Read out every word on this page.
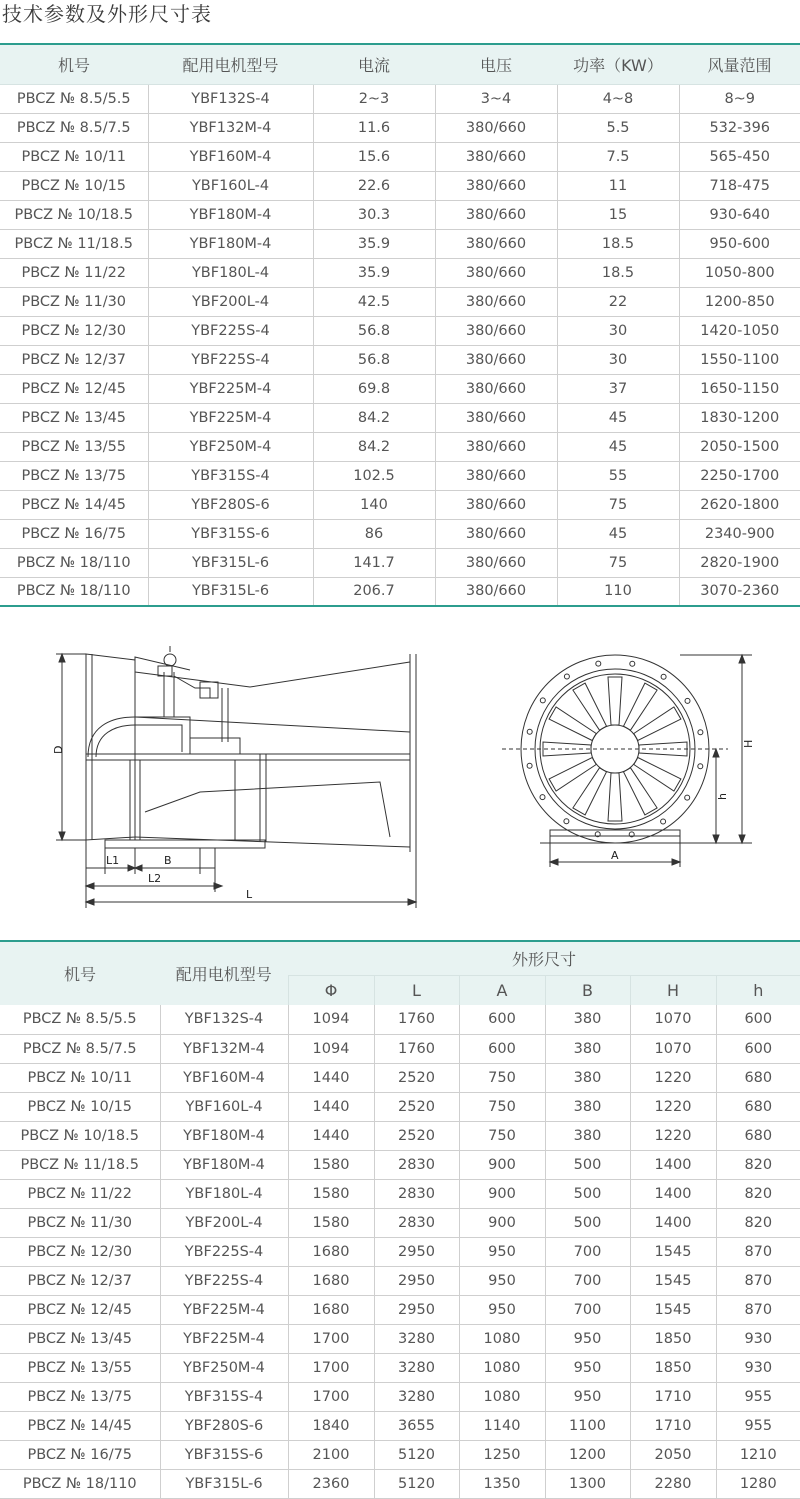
技术参数及外形尺寸表
机号	配用电机型号	电流	电压	功率（KW）	风量范围
PBCZ № 8.5/5.5	YBF132S-4	2~3	3~4	4~8	8~9
PBCZ № 8.5/7.5	YBF132M-4	11.6	380/660	5.5	532-396
PBCZ № 10/11	YBF160M-4	15.6	380/660	7.5	565-450
PBCZ № 10/15	YBF160L-4	22.6	380/660	11	718-475
PBCZ № 10/18.5	YBF180M-4	30.3	380/660	15	930-640
PBCZ № 11/18.5	YBF180M-4	35.9	380/660	18.5	950-600
PBCZ № 11/22	YBF180L-4	35.9	380/660	18.5	1050-800
PBCZ № 11/30	YBF200L-4	42.5	380/660	22	1200-850
PBCZ № 12/30	YBF225S-4	56.8	380/660	30	1420-1050
PBCZ № 12/37	YBF225S-4	56.8	380/660	30	1550-1100
PBCZ № 12/45	YBF225M-4	69.8	380/660	37	1650-1150
PBCZ № 13/45	YBF225M-4	84.2	380/660	45	1830-1200
PBCZ № 13/55	YBF250M-4	84.2	380/660	45	2050-1500
PBCZ № 13/75	YBF315S-4	102.5	380/660	55	2250-1700
PBCZ № 14/45	YBF280S-6	140	380/660	75	2620-1800
PBCZ № 16/75	YBF315S-6	86	380/660	45	2340-900
PBCZ № 18/110	YBF315L-6	141.7	380/660	75	2820-1900
PBCZ № 18/110	YBF315L-6	206.7	380/660	110	3070-2360
D
L1	B
L2
L
A
H
h
机号	配用电机型号	外形尺寸					
		Φ	L	A	B	H	h
PBCZ № 8.5/5.5	YBF132S-4	1094	1760	600	380	1070	600
PBCZ № 8.5/7.5	YBF132M-4	1094	1760	600	380	1070	600
PBCZ № 10/11	YBF160M-4	1440	2520	750	380	1220	680
PBCZ № 10/15	YBF160L-4	1440	2520	750	380	1220	680
PBCZ № 10/18.5	YBF180M-4	1440	2520	750	380	1220	680
PBCZ № 11/18.5	YBF180M-4	1580	2830	900	500	1400	820
PBCZ № 11/22	YBF180L-4	1580	2830	900	500	1400	820
PBCZ № 11/30	YBF200L-4	1580	2830	900	500	1400	820
PBCZ № 12/30	YBF225S-4	1680	2950	950	700	1545	870
PBCZ № 12/37	YBF225S-4	1680	2950	950	700	1545	870
PBCZ № 12/45	YBF225M-4	1680	2950	950	700	1545	870
PBCZ № 13/45	YBF225M-4	1700	3280	1080	950	1850	930
PBCZ № 13/55	YBF250M-4	1700	3280	1080	950	1850	930
PBCZ № 13/75	YBF315S-4	1700	3280	1080	950	1710	955
PBCZ № 14/45	YBF280S-6	1840	3655	1140	1100	1710	955
PBCZ № 16/75	YBF315S-6	2100	5120	1250	1200	2050	1210
PBCZ № 18/110	YBF315L-6	2360	5120	1350	1300	2280	1280
